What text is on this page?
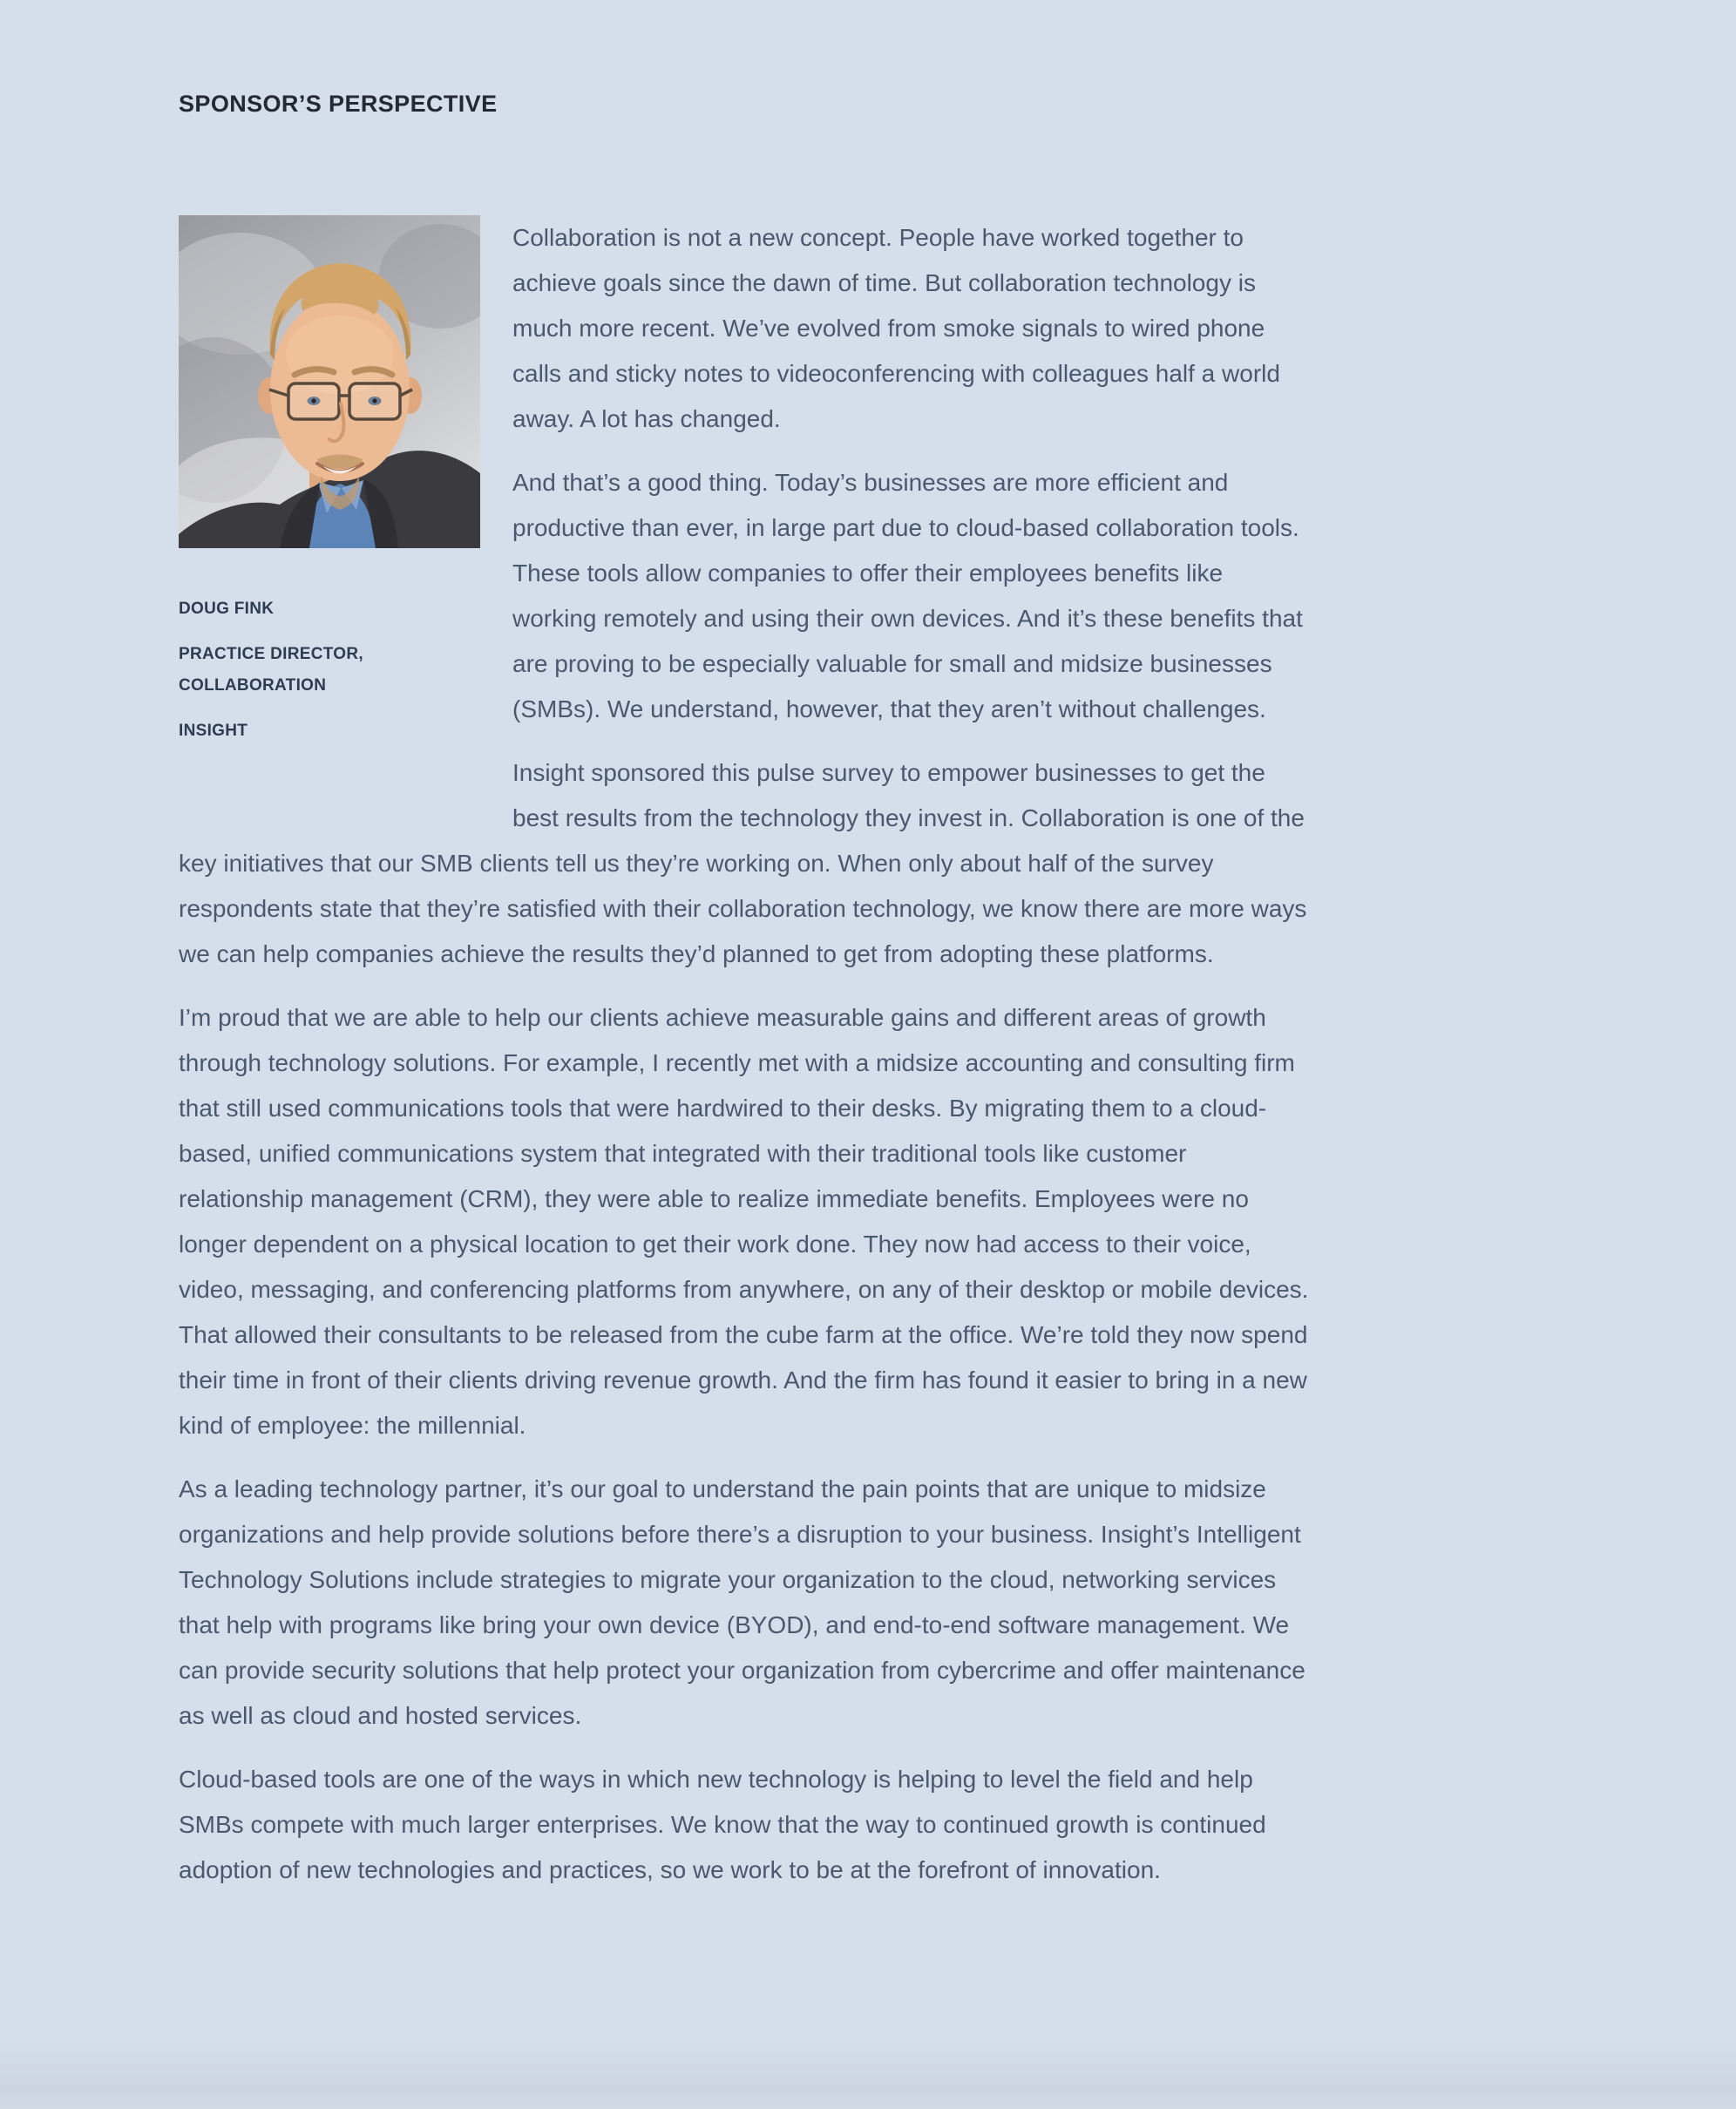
SPONSOR’S PERSPECTIVE

DOUG FINK

PRACTICE DIRECTOR,

COLLABORATION

INSIGHT

Collaboration is not a new concept. People have worked together to achieve goals since the dawn of time. But collaboration technology is much more recent. We’ve evolved from smoke signals to wired phone calls and sticky notes to videoconferencing with colleagues half a world away. A lot has changed.

And that’s a good thing. Today’s businesses are more efficient and productive than ever, in large part due to cloud-based collaboration tools. These tools allow companies to offer their employees benefits like working remotely and using their own devices. And it’s these benefits that are proving to be especially valuable for small and midsize businesses (SMBs). We understand, however, that they aren’t without challenges.

Insight sponsored this pulse survey to empower businesses to get the best results from the technology they invest in. Collaboration is one of the key initiatives that our SMB clients tell us they’re working on. When only about half of the survey respondents state that they’re satisfied with their collaboration technology, we know there are more ways we can help companies achieve the results they’d planned to get from adopting these platforms.

I’m proud that we are able to help our clients achieve measurable gains and different areas of growth through technology solutions. For example, I recently met with a midsize accounting and consulting firm that still used communications tools that were hardwired to their desks. By migrating them to a cloud-based, unified communications system that integrated with their traditional tools like customer relationship management (CRM), they were able to realize immediate benefits. Employees were no longer dependent on a physical location to get their work done. They now had access to their voice, video, messaging, and conferencing platforms from anywhere, on any of their desktop or mobile devices. That allowed their consultants to be released from the cube farm at the office. We’re told they now spend their time in front of their clients driving revenue growth. And the firm has found it easier to bring in a new kind of employee: the millennial.

As a leading technology partner, it’s our goal to understand the pain points that are unique to midsize organizations and help provide solutions before there’s a disruption to your business. Insight’s Intelligent Technology Solutions include strategies to migrate your organization to the cloud, networking services that help with programs like bring your own device (BYOD), and end-to-end software management. We can provide security solutions that help protect your organization from cybercrime and offer maintenance as well as cloud and hosted services.

Cloud-based tools are one of the ways in which new technology is helping to level the field and help SMBs compete with much larger enterprises. We know that the way to continued growth is continued adoption of new technologies and practices, so we work to be at the forefront of innovation.
